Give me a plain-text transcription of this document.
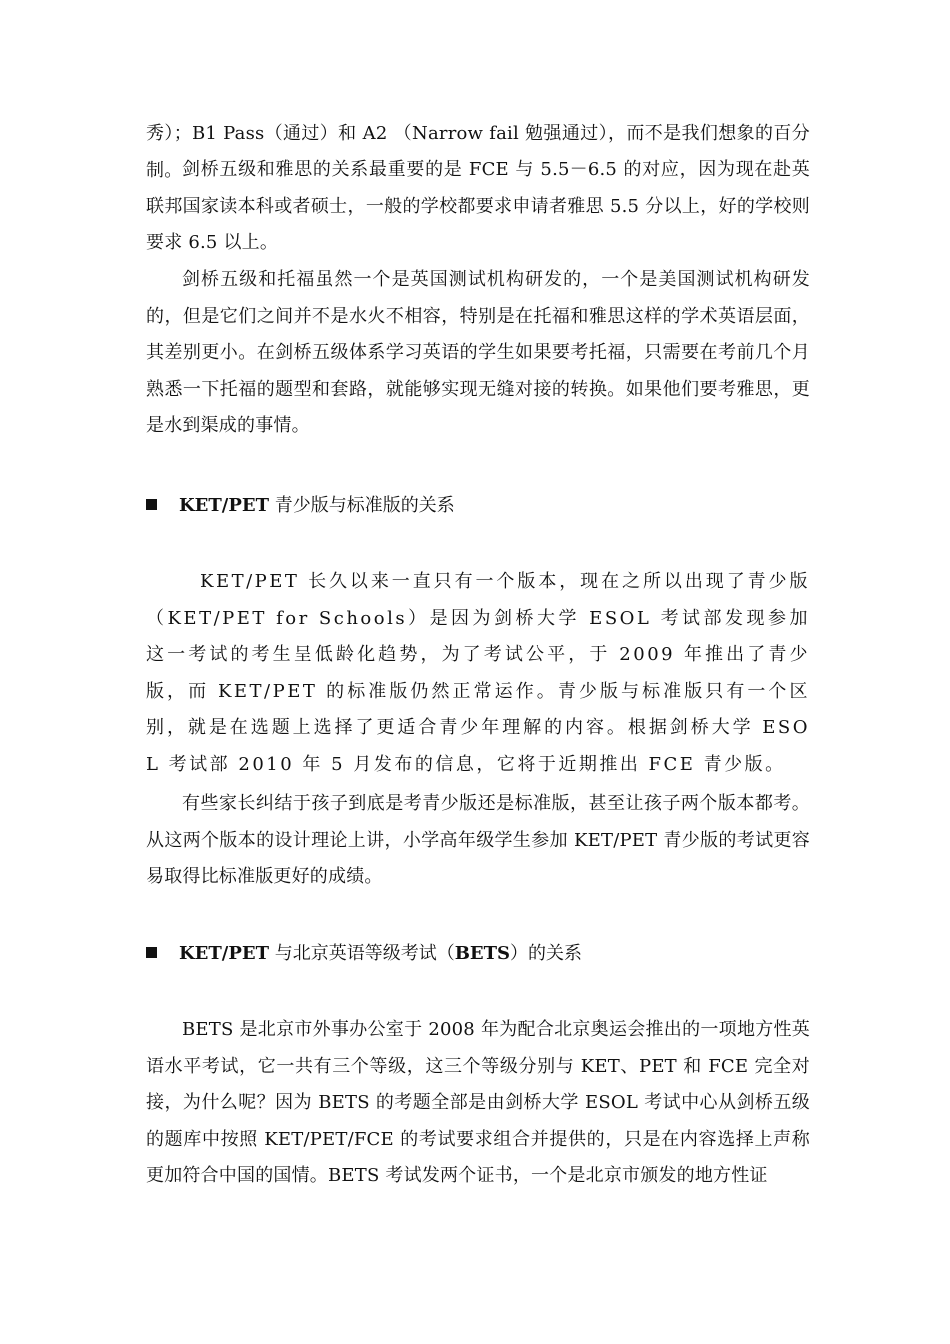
秀）；B1 Pass（通过）和 A2 （Narrow fail 勉强通过），而不是我们想象的百分制。 剑桥五级和雅思的关系最重要的是 FCE 与 5.5－6.5 的对应，因为现在赴英联邦国家读本科或者硕士，一般的学校都要求申请者雅思 5.5 分以上，好的学校则要求 6.5 以上。

剑桥五级和托福虽然一个是英国测试机构研发的，一个是美国测试机构研发的，但是它们之间并不是水火不相容，特别是在托福和雅思这样的学术英语层面，其差别更小。在剑桥五级体系学习英语的学生如果要考托福，只需要在考前几个月熟悉一下托福的题型和套路，就能够实现无缝对接的转换。如果他们要考雅思，更是水到渠成的事情。

KET/PET 青少版与标准版的关系

KET/PET 长久以来一直只有一个版本，现在之所以出现了青少版（KET/PET for Schools）是因为剑桥大学 ESOL 考试部发现参加这一考试的考生呈低龄化趋势，为了考试公平，于 2009 年推出了青少版，而 KET/PET 的标准版仍然正常运作。青少版与标准版只有一个区别，就是在选题上选择了更适合青少年理解的内容。根据剑桥大学 ESOL 考试部 2010 年 5 月发布的信息，它将于近期推出 FCE 青少版。

有些家长纠结于孩子到底是考青少版还是标准版，甚至让孩子两个版本都考。从这两个版本的设计理论上讲，小学高年级学生参加 KET/PET 青少版的考试更容易取得比标准版更好的成绩。

KET/PET 与北京英语等级考试（BETS）的关系

BETS 是北京市外事办公室于 2008 年为配合北京奥运会推出的一项地方性英语水平考试，它一共有三个等级，这三个等级分别与 KET、PET 和 FCE 完全对接，为什么呢？因为 BETS 的考题全部是由剑桥大学 ESOL 考试中心从剑桥五级的题库中按照 KET/PET/FCE 的考试要求组合并提供的，只是在内容选择上声称更加符合中国的国情。BETS 考试发两个证书，一个是北京市颁发的地方性证
